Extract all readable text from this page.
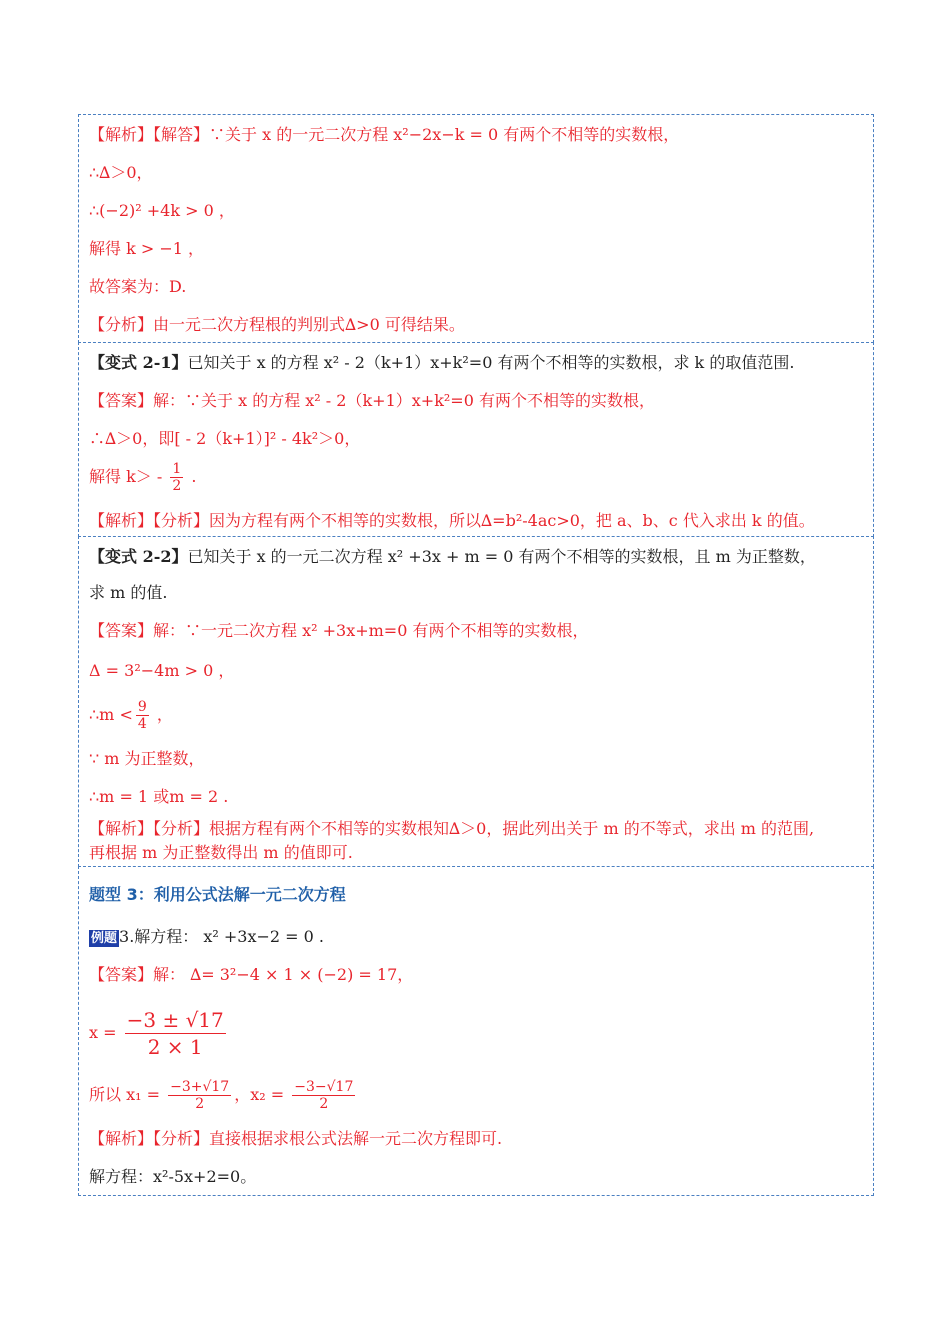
【解析】【解答】∵关于 x 的一元二次方程 x²−2x−k = 0 有两个不相等的实数根，
∴∆＞0，
∴(−2)² +4k > 0 ，
解得 k > −1 ，
故答案为：D.
【分析】由一元二次方程根的判别式∆>0 可得结果。
【变式 2-1】已知关于 x 的方程 x² - 2（k+1）x+k²=0 有两个不相等的实数根，求 k 的取值范围.
【答案】解：∵关于 x 的方程 x² - 2（k+1）x+k²=0 有两个不相等的实数根，
∴∆＞0，即[ - 2（k+1）]² - 4k²＞0，
解得 $k> - \frac{1}{2}$ .
【解析】【分析】因为方程有两个不相等的实数根，所以∆=b²-4ac>0，把 a、b、c 代入求出 k 的值。
【变式 2-2】已知关于 x 的一元二次方程 x² +3x + m = 0 有两个不相等的实数根，且 m 为正整数，
求 m 的值.
【答案】解：∵一元二次方程 x² +3x+m=0 有两个不相等的实数根，
Δ = 3²−4m > 0 ，
∴m < $\frac{9}{4}$ ，
∵ m 为正整数，
∴m = 1 或m = 2 .
【解析】【分析】根据方程有两个不相等的实数根知∆＞0，据此列出关于 m 的不等式，求出 m 的范围,
再根据 m 为正整数得出 m 的值即可.
题型 3：利用公式法解一元二次方程
例题 3.解方程： x² +3x−2 = 0 .
【答案】解： ∆= 3²−4 × 1 × (−2) = 17，
$x = \frac{-3 \pm √17}{2 \times 1}$
所以 $x_1 = \frac{-3+√17}{2}$ ，$x_2 = \frac{-3-√17}{2}$
【解析】【分析】直接根据求根公式法解一元二次方程即可.
解方程：x²-5x+2=0。
